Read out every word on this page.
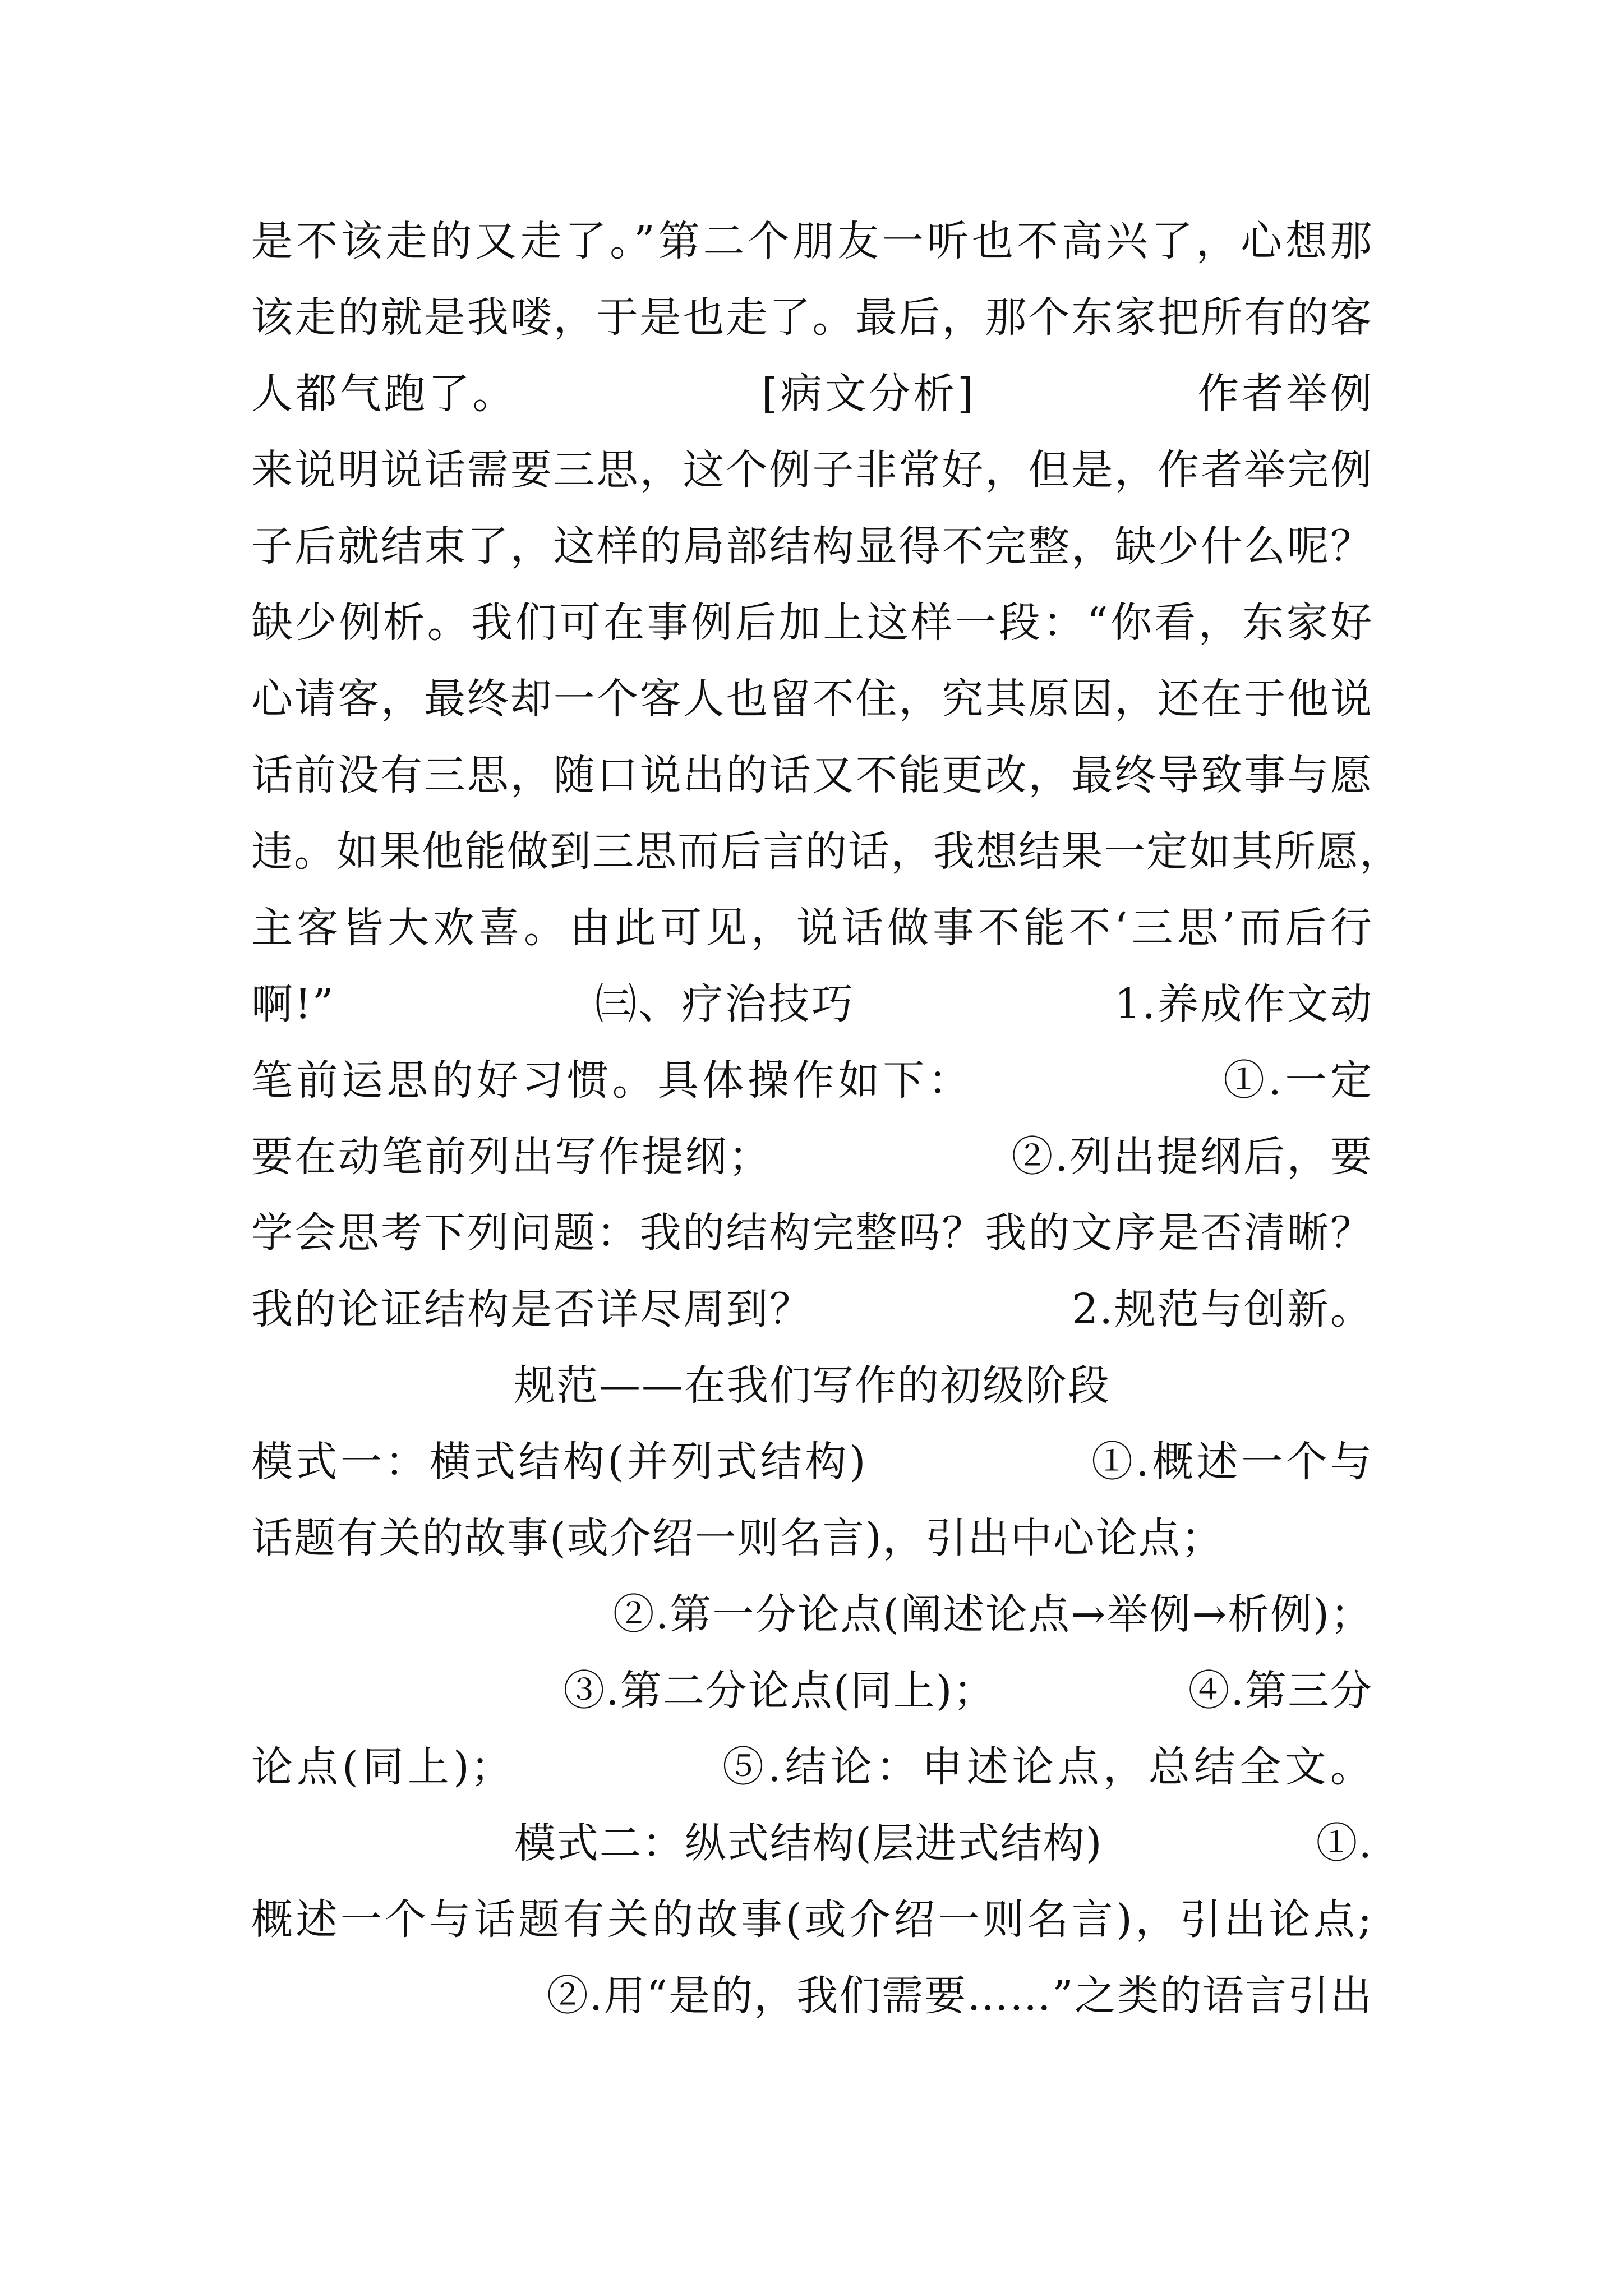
是不该走的又走了。”第二个朋友一听也不高兴了，心想那
该走的就是我喽，于是也走了。最后，那个东家把所有的客
人都气跑了。　　　　　　[病文分析]　　　　　作者举例
来说明说话需要三思，这个例子非常好，但是，作者举完例
子后就结束了，这样的局部结构显得不完整，缺少什么呢？
缺少例析。我们可在事例后加上这样一段：“你看，东家好
心请客，最终却一个客人也留不住，究其原因，还在于他说
话前没有三思，随口说出的话又不能更改，最终导致事与愿
违。如果他能做到三思而后言的话，我想结果一定如其所愿，
主客皆大欢喜。由此可见，说话做事不能不‘三思’而后行
啊!”　　　　　　㈢、疗治技巧　　　　　　1.养成作文动
笔前运思的好习惯。具体操作如下：　　　　　　①.一定
要在动笔前列出写作提纲；　　　　　　②.列出提纲后，要
学会思考下列问题：我的结构完整吗？我的文序是否清晰？
我的论证结构是否详尽周到？　　　　　　2.规范与创新。
规范——在我们写作的初级阶段
模式一：横式结构(并列式结构)　　　　　①.概述一个与
话题有关的故事(或介绍一则名言)，引出中心论点；
②.第一分论点(阐述论点→举例→析例)；
③.第二分论点(同上)；　　　　　④.第三分
论点(同上)；　　　　　⑤.结论：申述论点，总结全文。
模式二：纵式结构(层进式结构)　　　　　①.
概述一个与话题有关的故事(或介绍一则名言)，引出论点;
②.用“是的，我们需要……”之类的语言引出
